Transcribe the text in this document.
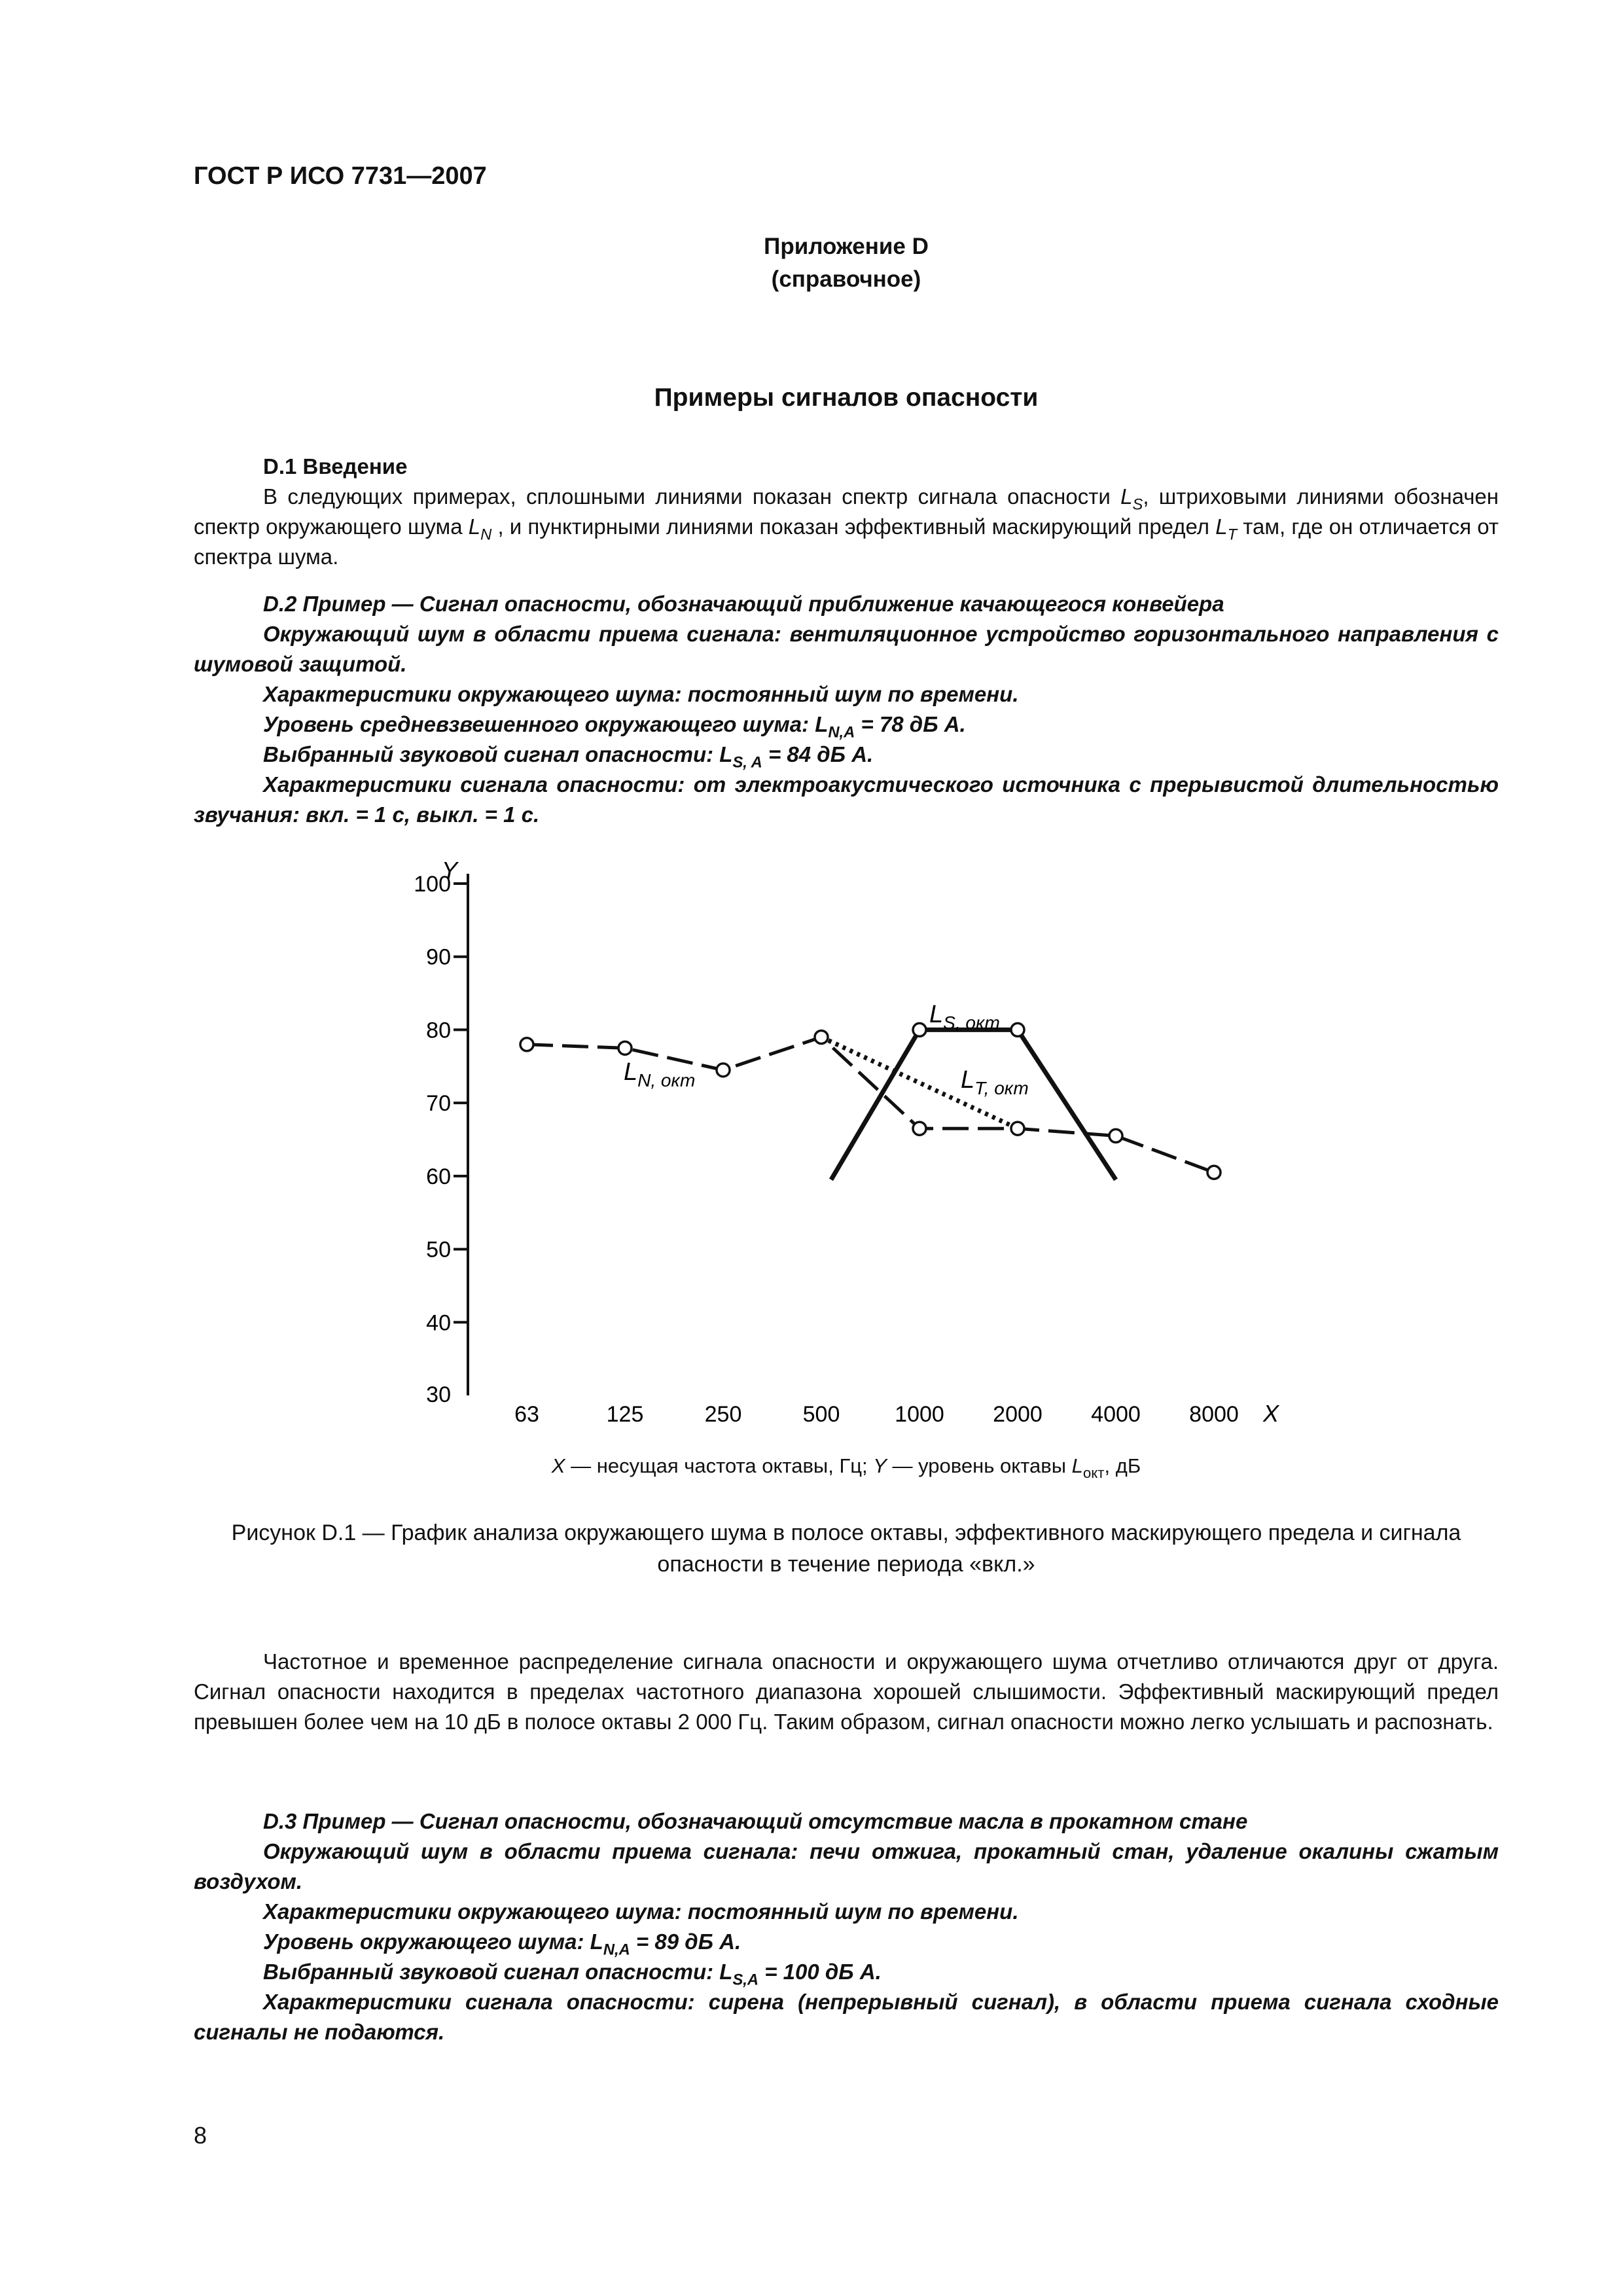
ГОСТ Р ИСО 7731—2007
Приложение D
(справочное)
Примеры сигналов опасности
D.1 Введение
В следующих примерах, сплошными линиями показан спектр сигнала опасности $L_S$, штриховыми линиями обозначен спектр окружающего шума $L_N$ , и пунктирными линиями показан эффективный маскирующий предел $L_T$ там, где он отличается от спектра шума.
D.2 Пример — Сигнал опасности, обозначающий приближение качающегося конвейера
Окружающий шум в области приема сигнала: вентиляционное устройство горизонтального направления с шумовой защитой.
Характеристики окружающего шума: постоянный шум по времени.
Уровень средневзвешенного окружающего шума: $L_{N,A} = 78$ дБ А.
Выбранный звуковой сигнал опасности: $L_{S, A} = 84$ дБ А.
Характеристики сигнала опасности: от электроакустического источника с прерывистой длительностью звучания: вкл. = 1 с, выкл. = 1 с.
100
90
80
70
60
50
40
30
Y
63	125	250	500 1000 2000 4000 8000 X
$L_{N, окт}$
$L_{S, окт}$
$L_{T, окт}$
X — несущая частота октавы, Гц; Y — уровень октавы $L_{окт}$, дБ
Рисунок D.1 — График анализа окружающего шума в полосе октавы, эффективного маскирующего предела и сигнала опасности в течение периода «вкл.»
Частотное и временное распределение сигнала опасности и окружающего шума отчетливо отличаются друг от друга. Сигнал опасности находится в пределах частотного диапазона хорошей слышимости. Эффективный маскирующий предел превышен более чем на 10 дБ в полосе октавы 2 000 Гц. Таким образом, сигнал опасности можно легко услышать и распознать.
D.3 Пример — Сигнал опасности, обозначающий отсутствие масла в прокатном стане
Окружающий шум в области приема сигнала: печи отжига, прокатный стан, удаление окалины сжатым воздухом.
Характеристики окружающего шума: постоянный шум по времени.
Уровень окружающего шума: $L_{N,A} = 89$ дБ А.
Выбранный звуковой сигнал опасности: $L_{S,A} = 100$ дБ А.
Характеристики сигнала опасности: сирена (непрерывный сигнал), в области приема сигнала сходные сигналы не подаются.
8
